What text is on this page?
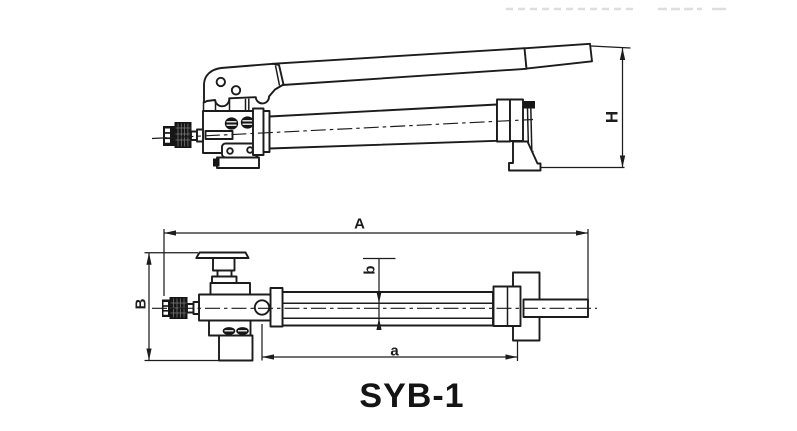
A
B
H
a
b
SYB-1
